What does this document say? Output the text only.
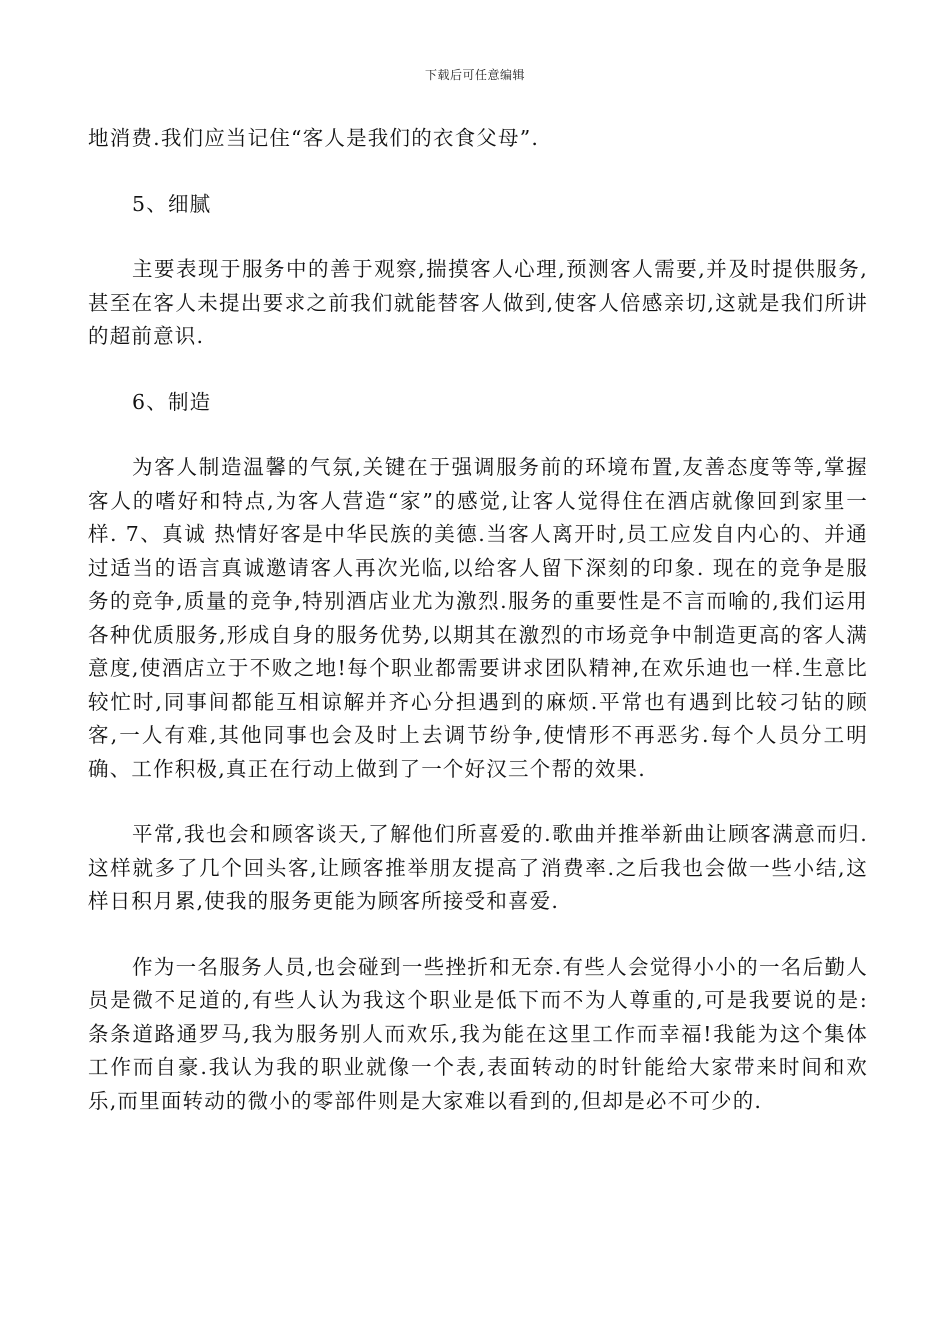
下载后可任意编辑

地消费.我们应当记住“客人是我们的衣食父母”.

5、细腻

主要表现于服务中的善于观察,揣摸客人心理,预测客人需要,并及时提供服务,甚至在客人未提出要求之前我们就能替客人做到,使客人倍感亲切,这就是我们所讲的超前意识.

6、制造

为客人制造温馨的气氛,关键在于强调服务前的环境布置,友善态度等等,掌握客人的嗜好和特点,为客人营造“家”的感觉,让客人觉得住在酒店就像回到家里一样. 7、真诚 热情好客是中华民族的美德.当客人离开时,员工应发自内心的、并通过适当的语言真诚邀请客人再次光临,以给客人留下深刻的印象. 现在的竞争是服务的竞争,质量的竞争,特别酒店业尤为激烈.服务的重要性是不言而喻的,我们运用各种优质服务,形成自身的服务优势,以期其在激烈的市场竞争中制造更高的客人满意度,使酒店立于不败之地!每个职业都需要讲求团队精神,在欢乐迪也一样.生意比较忙时,同事间都能互相谅解并齐心分担遇到的麻烦.平常也有遇到比较刁钻的顾客,一人有难,其他同事也会及时上去调节纷争,使情形不再恶劣.每个人员分工明确、工作积极,真正在行动上做到了一个好汉三个帮的效果.

平常,我也会和顾客谈天,了解他们所喜爱的.歌曲并推举新曲让顾客满意而归.这样就多了几个回头客,让顾客推举朋友提高了消费率.之后我也会做一些小结,这样日积月累,使我的服务更能为顾客所接受和喜爱.

作为一名服务人员,也会碰到一些挫折和无奈.有些人会觉得小小的一名后勤人员是微不足道的,有些人认为我这个职业是低下而不为人尊重的,可是我要说的是:条条道路通罗马,我为服务别人而欢乐,我为能在这里工作而幸福!我能为这个集体工作而自豪.我认为我的职业就像一个表,表面转动的时针能给大家带来时间和欢乐,而里面转动的微小的零部件则是大家难以看到的,但却是必不可少的.
